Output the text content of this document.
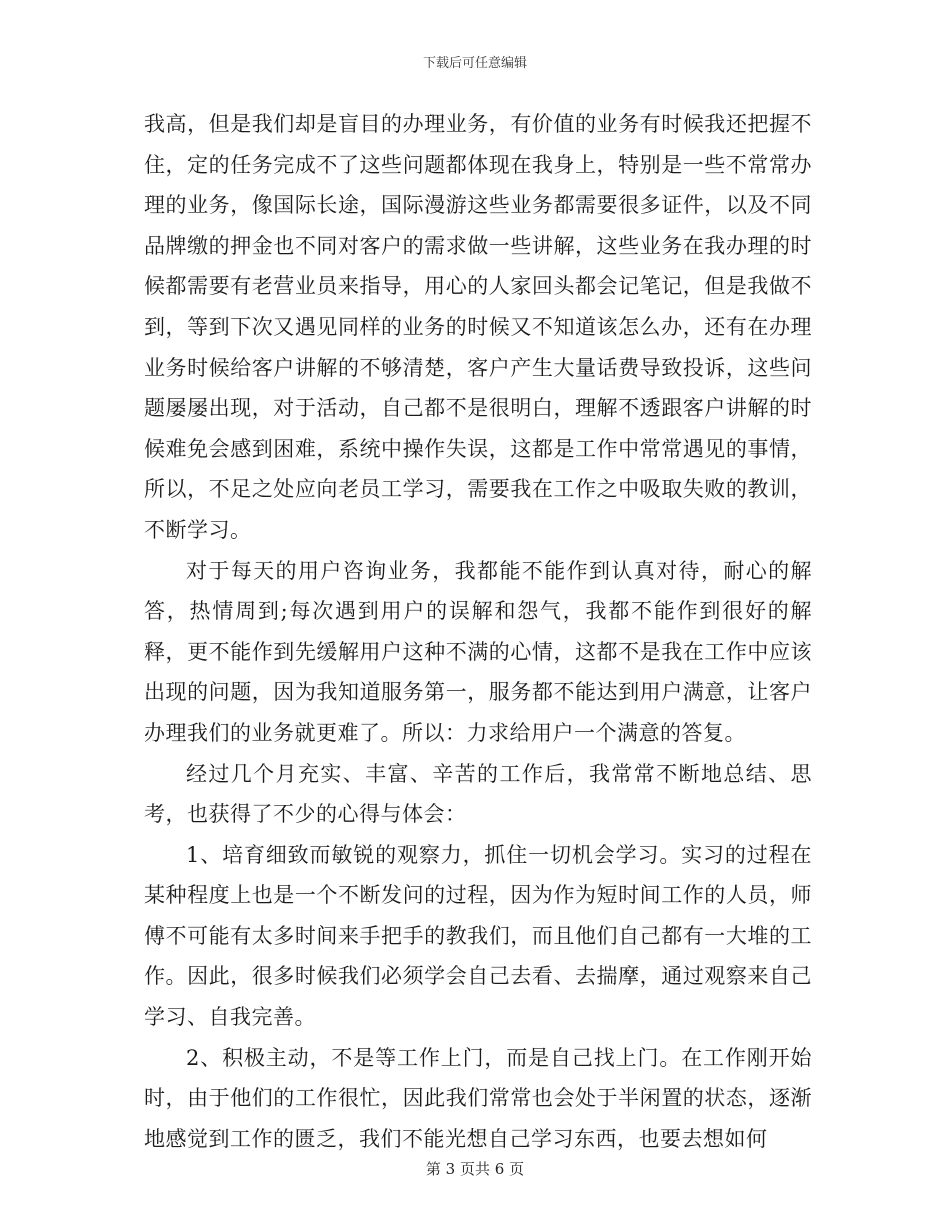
下载后可任意编辑

我高，但是我们却是盲目的办理业务，有价值的业务有时候我还把握不住，定的任务完成不了这些问题都体现在我身上，特别是一些不常常办理的业务，像国际长途，国际漫游这些业务都需要很多证件，以及不同品牌缴的押金也不同对客户的需求做一些讲解，这些业务在我办理的时候都需要有老营业员来指导，用心的人家回头都会记笔记，但是我做不到，等到下次又遇见同样的业务的时候又不知道该怎么办，还有在办理业务时候给客户讲解的不够清楚，客户产生大量话费导致投诉，这些问题屡屡出现，对于活动，自己都不是很明白，理解不透跟客户讲解的时候难免会感到困难，系统中操作失误，这都是工作中常常遇见的事情，所以，不足之处应向老员工学习，需要我在工作之中吸取失败的教训，不断学习。

对于每天的用户咨询业务，我都能不能作到认真对待，耐心的解答，热情周到;每次遇到用户的误解和怨气，我都不能作到很好的解释，更不能作到先缓解用户这种不满的心情，这都不是我在工作中应该出现的问题，因为我知道服务第一，服务都不能达到用户满意，让客户办理我们的业务就更难了。所以：力求给用户一个满意的答复。

经过几个月充实、丰富、辛苦的工作后，我常常不断地总结、思考，也获得了不少的心得与体会：

1、培育细致而敏锐的观察力，抓住一切机会学习。实习的过程在某种程度上也是一个不断发问的过程，因为作为短时间工作的人员，师傅不可能有太多时间来手把手的教我们，而且他们自己都有一大堆的工作。因此，很多时候我们必须学会自己去看、去揣摩，通过观察来自己学习、自我完善。

2、积极主动，不是等工作上门，而是自己找上门。在工作刚开始时，由于他们的工作很忙，因此我们常常也会处于半闲置的状态，逐渐地感觉到工作的匮乏，我们不能光想自己学习东西，也要去想如何

第 3 页共 6 页
